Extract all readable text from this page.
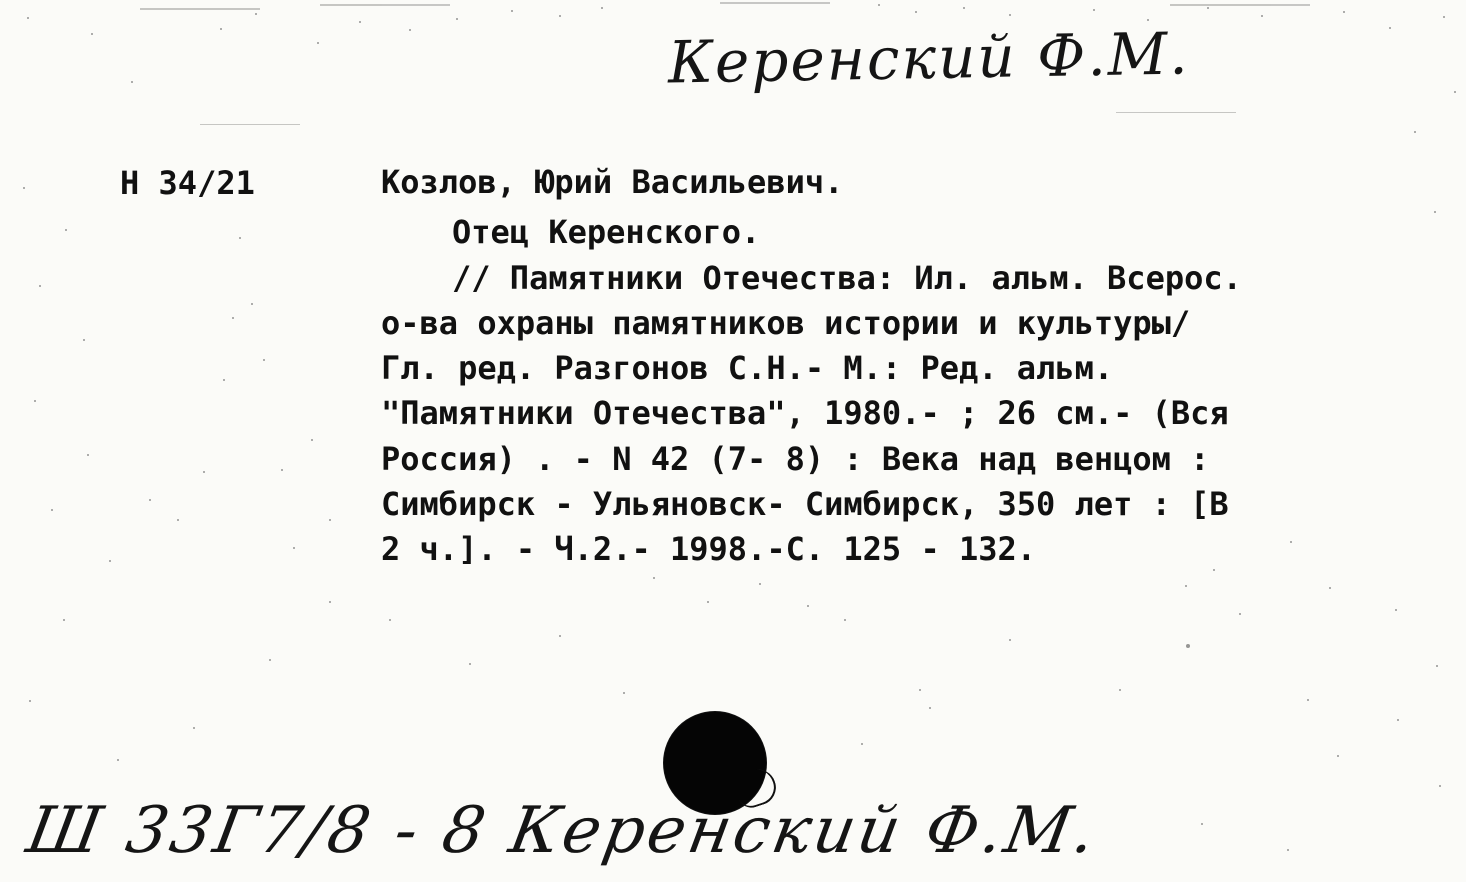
Керенский Ф.М.
Н 34/21	Козлов, Юрий Васильевич.
Отец Керенского.
// Памятники Отечества: Ил. альм. Всерос.
о-ва охраны памятников истории и культуры/
Гл. ред. Разгонов С.Н.- М.: Ред. альм.
"Памятники Отечества", 1980.- ; 26 см.- (Вся
Россия) . - N 42 (7- 8) : Века над венцом :
Симбирск - Ульяновск- Симбирск, 350 лет : [В
2 ч.]. - Ч.2.- 1998.-С. 125 - 132.
Ш 33Г7/8 - 8 Керенский Ф.М.
